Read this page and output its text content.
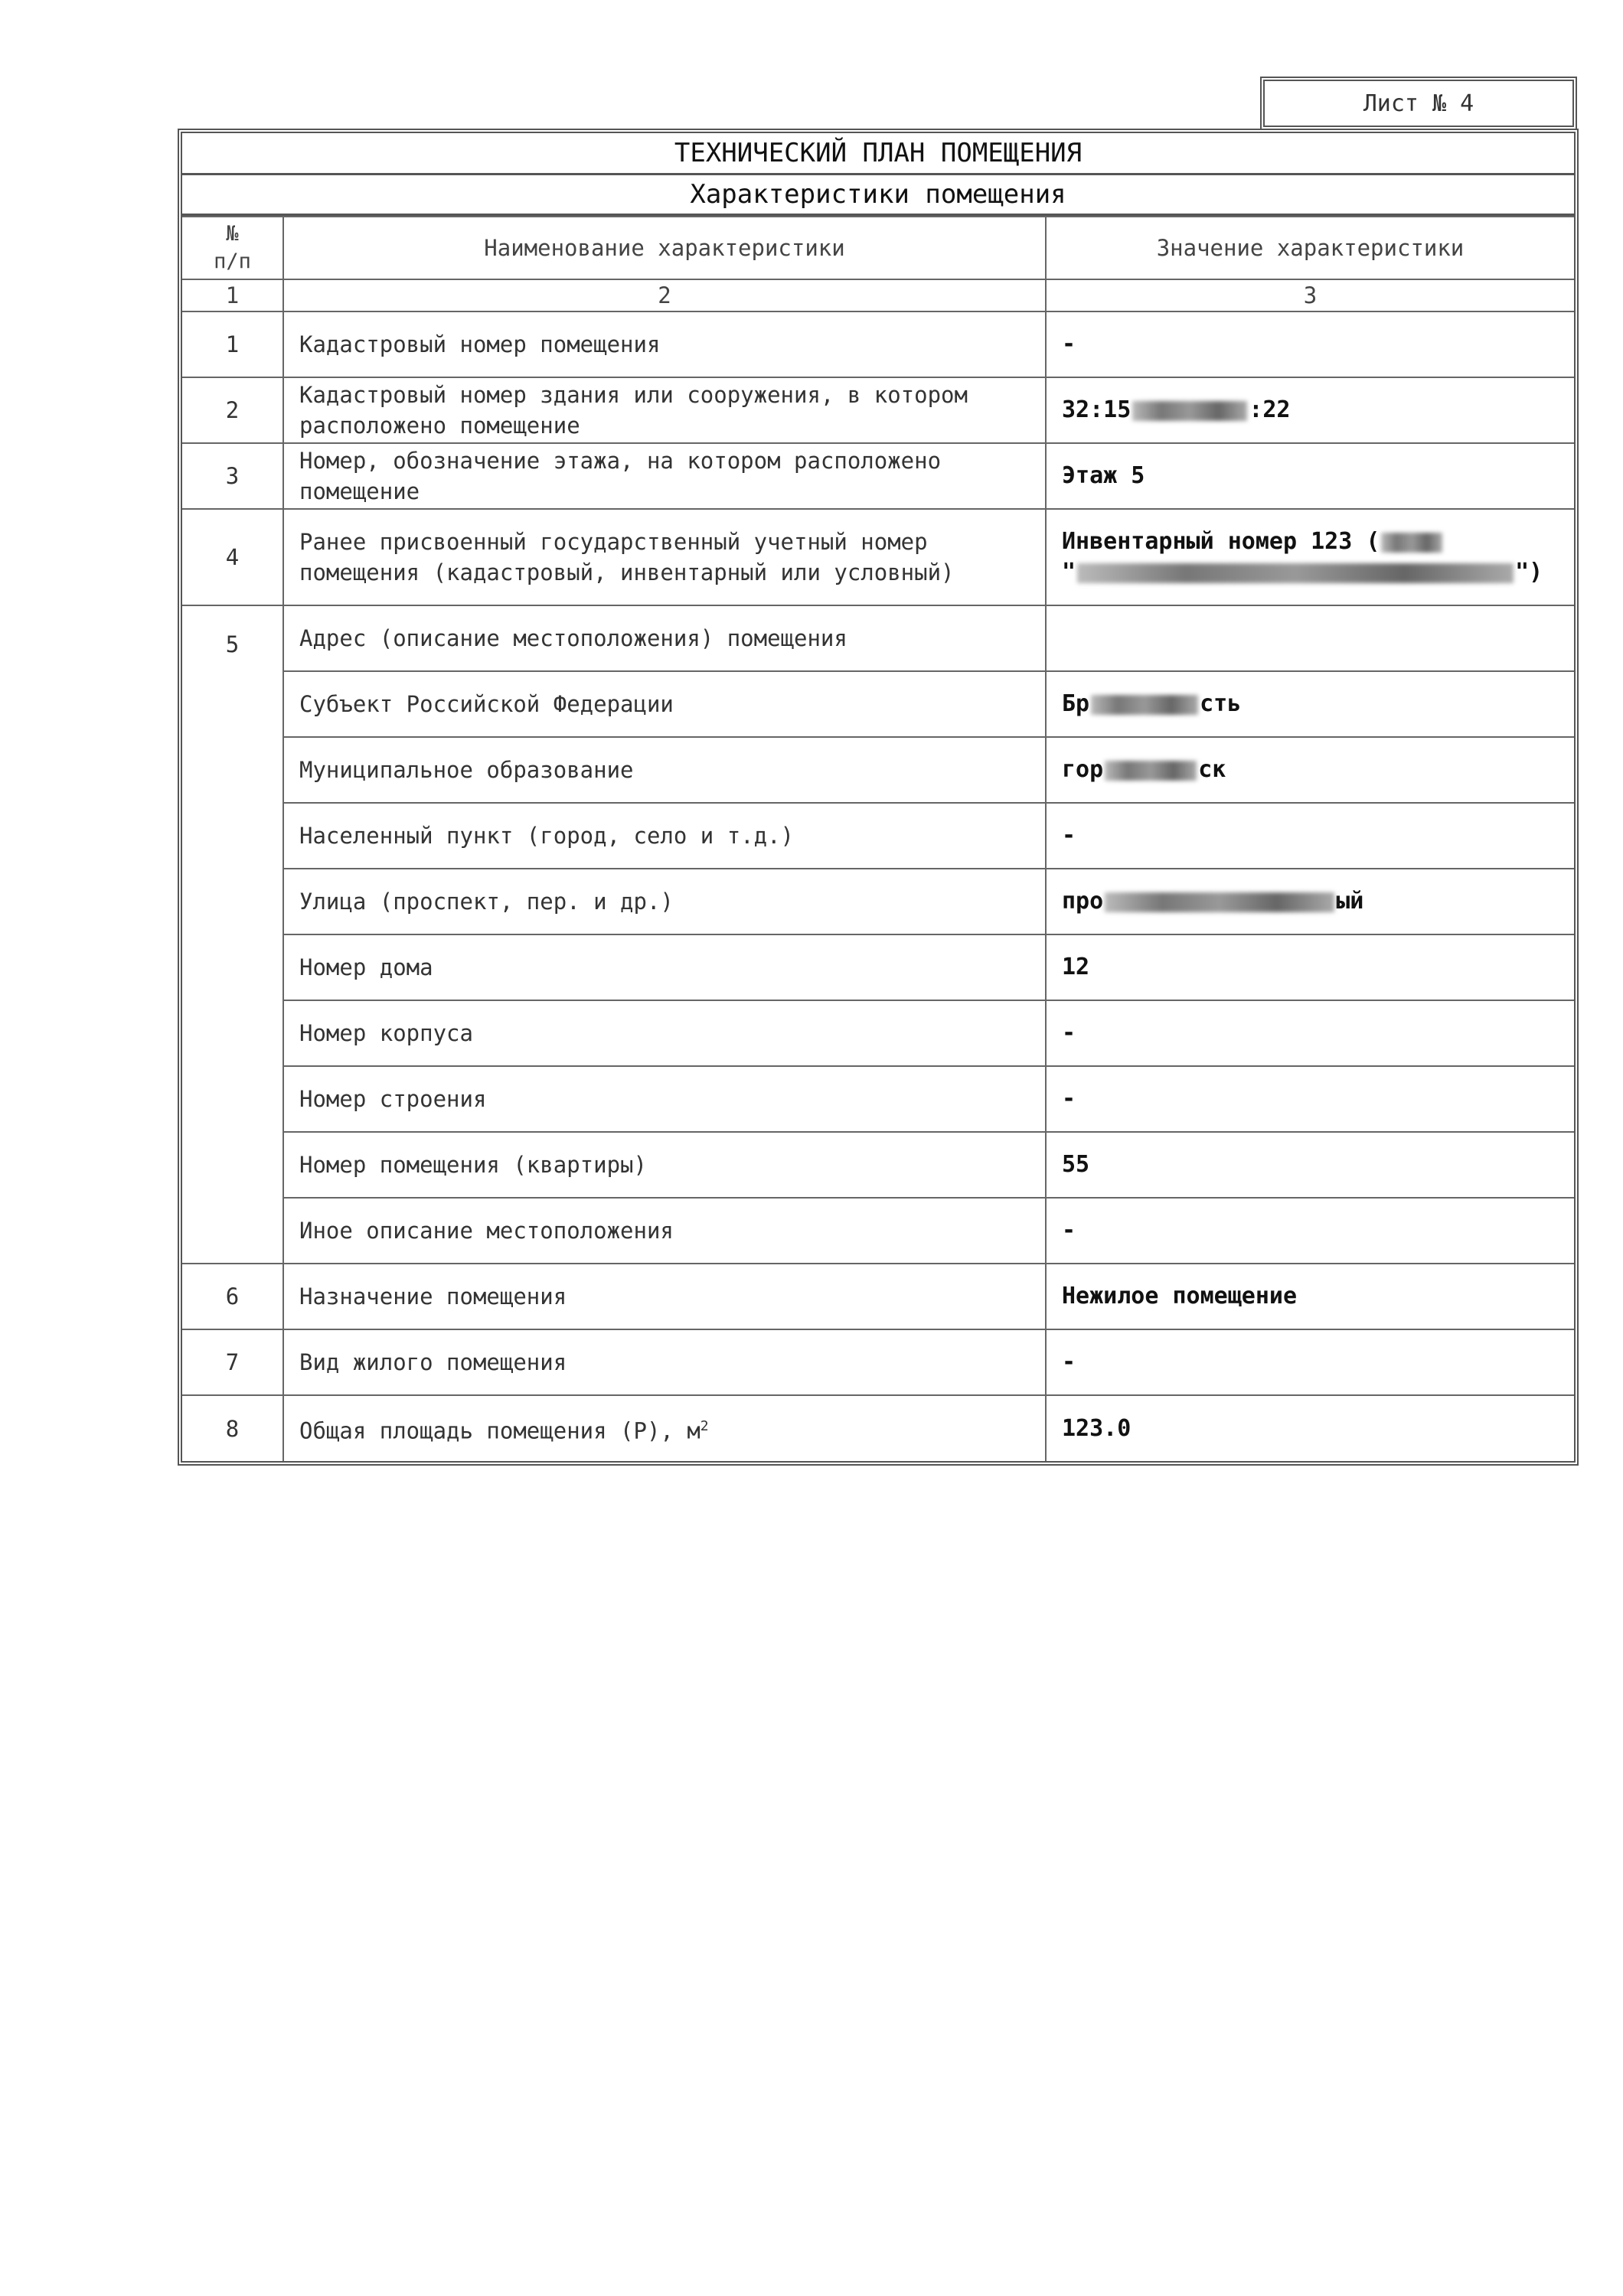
Лист № 4
ТЕХНИЧЕСКИЙ ПЛАН ПОМЕЩЕНИЯ
Характеристики помещения
№
п/п	Наименование характеристики	Значение характеристики
1	2	3
1	Кадастровый номер помещения	-
2	Кадастровый номер здания или сооружения, в котором расположено помещение	32:15 :22
3	Номер, обозначение этажа, на котором расположено помещение	Этаж 5
4	Ранее присвоенный государственный учетный номер помещения (кадастровый, инвентарный или условный)	Инвентарный номер 123 (
" ")
5	Адрес (описание местоположения) помещения	
	Субъект Российской Федерации	Бр сть
	Муниципальное образование	гор ск
	Населенный пункт (город, село и т.д.)	-
	Улица (проспект, пер. и др.)	про ый
	Номер дома	12
	Номер корпуса	-
	Номер строения	-
	Номер помещения (квартиры)	55
	Иное описание местоположения	-
6	Назначение помещения	Нежилое помещение
7	Вид жилого помещения	-
8	Общая площадь помещения (Р), $м^2$	123.0
